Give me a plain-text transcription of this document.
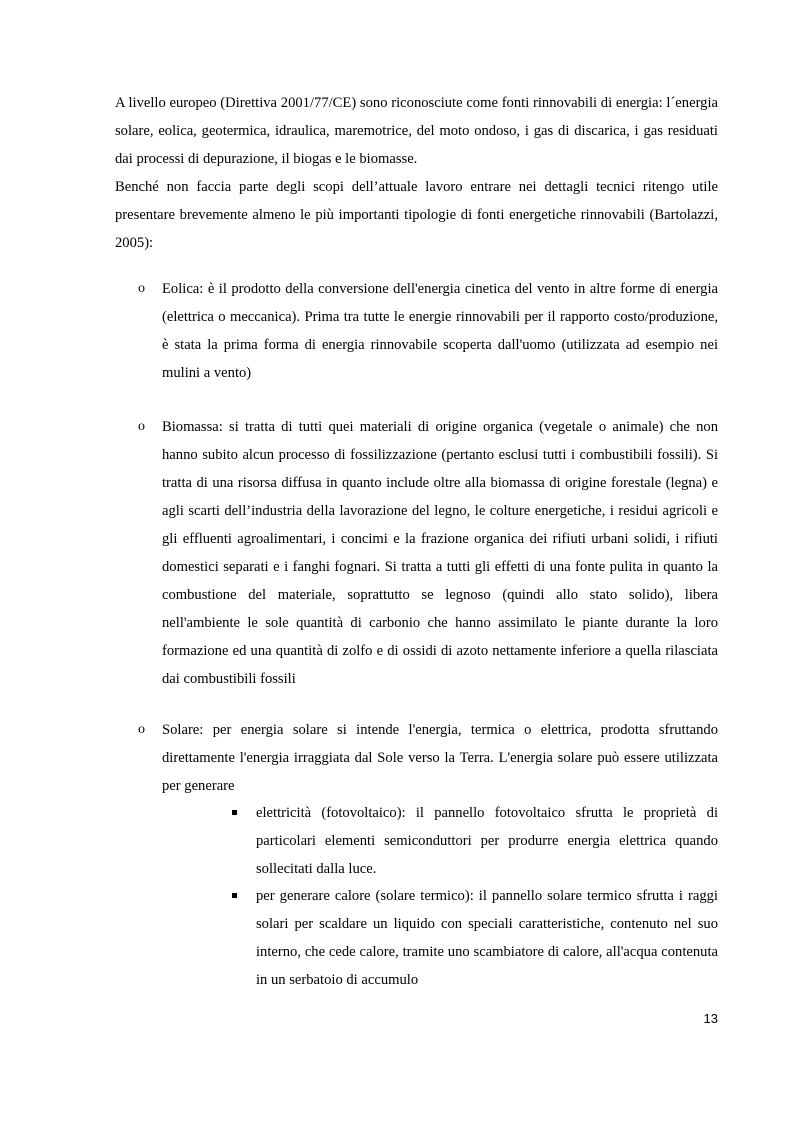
A livello europeo (Direttiva 2001/77/CE) sono riconosciute come fonti rinnovabili di energia: l´energia solare, eolica, geotermica, idraulica, maremotrice, del moto ondoso, i gas di discarica, i gas residuati dai processi di depurazione, il biogas e le biomasse.

Benché non faccia parte degli scopi dell’attuale lavoro entrare nei dettagli tecnici ritengo utile presentare brevemente almeno le più importanti tipologie di fonti energetiche rinnovabili (Bartolazzi, 2005):

o Eolica: è il prodotto della conversione dell'energia cinetica del vento in altre forme di energia (elettrica o meccanica). Prima tra tutte le energie rinnovabili per il rapporto costo/produzione, è stata la prima forma di energia rinnovabile scoperta dall'uomo (utilizzata ad esempio nei mulini a vento)

o Biomassa: si tratta di tutti quei materiali di origine organica (vegetale o animale) che non hanno subito alcun processo di fossilizzazione (pertanto esclusi tutti i combustibili fossili). Si tratta di una risorsa diffusa in quanto include oltre alla biomassa di origine forestale (legna) e agli scarti dell’industria della lavorazione del legno, le colture energetiche, i residui agricoli e gli effluenti agroalimentari, i concimi e la frazione organica dei rifiuti urbani solidi, i rifiuti domestici separati e i fanghi fognari. Si tratta a tutti gli effetti di una fonte pulita in quanto la combustione del materiale, soprattutto se legnoso (quindi allo stato solido), libera nell'ambiente le sole quantità di carbonio che hanno assimilato le piante durante la loro formazione ed una quantità di zolfo e di ossidi di azoto nettamente inferiore a quella rilasciata dai combustibili fossili

o Solare: per energia solare si intende l'energia, termica o elettrica, prodotta sfruttando direttamente l'energia irraggiata dal Sole verso la Terra. L'energia solare può essere utilizzata per generare

elettricità (fotovoltaico): il pannello fotovoltaico sfrutta le proprietà di particolari elementi semiconduttori per produrre energia elettrica quando sollecitati dalla luce.

per generare calore (solare termico): il pannello solare termico sfrutta i raggi solari per scaldare un liquido con speciali caratteristiche, contenuto nel suo interno, che cede calore, tramite uno scambiatore di calore, all'acqua contenuta in un serbatoio di accumulo

13
